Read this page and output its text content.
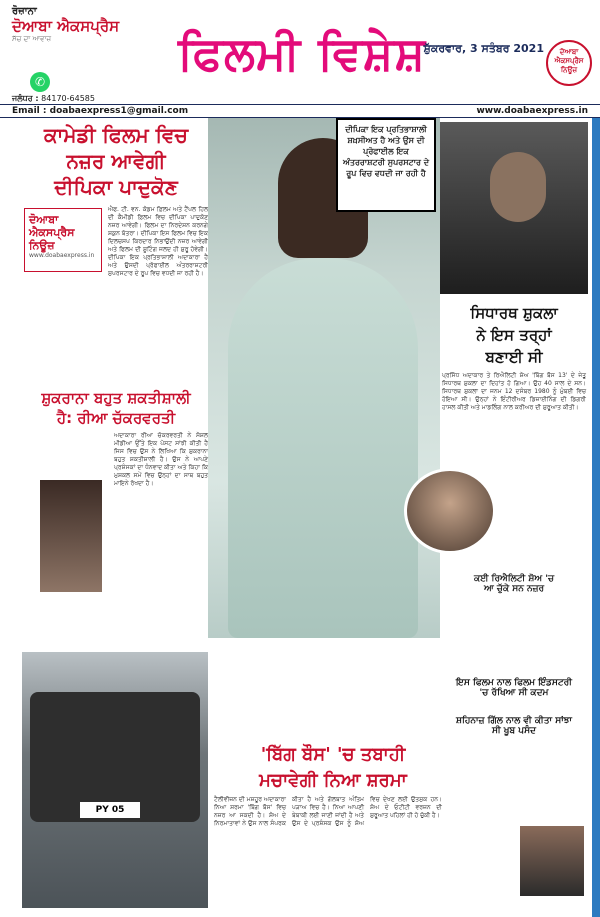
ਰੋਜ਼ਾਨਾ
ਦੋਆਬਾ ਐਕਸਪ੍ਰੈਸ
ਸੱਚ ਦਾ ਆਵਾਜ਼	ਫਿਲਮੀ ਵਿਸ਼ੇਸ਼
ਸ਼ੁੱਕਰਵਾਰ, 3 ਸਤੰਬਰ 2021	ਦੋਆਬਾ
ਐਕਸਪ੍ਰੈਸ
ਨਿਊਜ਼
✆
ਜਲੰਧਰ : 84170-64585
Email : doabaexpress1@gmail.com	www.doabaexpress.in
ਕਾਮੇਡੀ ਫਿਲਮ ਵਿਚ
ਨਜ਼ਰ ਆਵੇਗੀ
ਦੀਪਿਕਾ ਪਾਦੁਕੋਣ
ਦੋਆਬਾ
ਐਕਸਪ੍ਰੈਸ
ਨਿਊਜ਼
www.doabaexpress.in
ਐਫ. ਟੀ. ਵਨ. ਕੋਡਮ ਫ਼ਿਲਮ ਅਤੇ ਟੈਂਪਲ ਹਿਲ ਦੀ ਕੈਮੀਡੀ ਫ਼ਿਲਮ ਵਿਚ ਦੀਪਿਕਾ ਪਾਦੁਕੋਣ ਨਜ਼ਰ ਆਵੇਗੀ। ਫਿਲਮ ਦਾ ਨਿਰਦੇਸ਼ਨ ਕਰਨਗੇ ਸ਼ਕੁਨ ਬੱਤਰਾ। ਦੀਪਿਕਾ ਇਸ ਫਿਲਮ ਵਿਚ ਇਕ ਦਿਲਚਸਪ ਕਿਰਦਾਰ ਨਿਭਾਉਂਦੀ ਨਜ਼ਰ ਆਵੇਗੀ ਅਤੇ ਫਿਲਮ ਦੀ ਸ਼ੂਟਿੰਗ ਜਲਦ ਹੀ ਸ਼ੁਰੂ ਹੋਵੇਗੀ। ਦੀਪਿਕਾ ਇਕ ਪ੍ਰਤਿਭਾਸ਼ਾਲੀ ਅਦਾਕਾਰਾ ਹੈ ਅਤੇ ਉਸਦੀ ਪ੍ਰੋਫਾਈਲ ਅੰਤਰਰਾਸ਼ਟਰੀ ਸੁਪਰਸਟਾਰ ਦੇ ਰੂਪ ਵਿਚ ਵਧਦੀ ਜਾ ਰਹੀ ਹੈ।
ਦੀਪਿਕਾ ਇਕ ਪ੍ਰਤਿਭਾਸ਼ਾਲੀ ਸ਼ਖ਼ਸੀਅਤ ਹੈ ਅਤੇ ਉਸ ਦੀ ਪ੍ਰੋਫਾਈਲ ਇਕ ਅੰਤਰਰਾਸ਼ਟਰੀ ਸੁਪਰਸਟਾਰ ਦੇ ਰੂਪ ਵਿਚ ਵਧਦੀ ਜਾ ਰਹੀ ਹੈ
ਸ਼ੁਕਰਾਨਾ ਬਹੁਤ ਸ਼ਕਤੀਸ਼ਾਲੀ
ਹੈ: ਰੀਆ ਚੱਕਰਵਰਤੀ
ਅਦਾਕਾਰਾ ਰੀਆ ਚੱਕਰਵਰਤੀ ਨੇ ਸੋਸ਼ਲ ਮੀਡੀਆ ਉੱਤੇ ਇਕ ਪੋਸਟ ਸਾਂਝੀ ਕੀਤੀ ਹੈ ਜਿਸ ਵਿਚ ਉਸ ਨੇ ਲਿਖਿਆ ਕਿ ਸ਼ੁਕਰਾਨਾ ਬਹੁਤ ਸ਼ਕਤੀਸ਼ਾਲੀ ਹੈ। ਉਸ ਨੇ ਆਪਣੇ ਪ੍ਰਸ਼ੰਸਕਾਂ ਦਾ ਧੰਨਵਾਦ ਕੀਤਾ ਅਤੇ ਕਿਹਾ ਕਿ ਮੁਸ਼ਕਲ ਸਮੇਂ ਵਿਚ ਉਨ੍ਹਾਂ ਦਾ ਸਾਥ ਬਹੁਤ ਮਾਇਨੇ ਰੱਖਦਾ ਹੈ।
PY 05
'ਬਿੱਗ ਬੌਸ' 'ਚ ਤਬਾਹੀ
ਮਚਾਵੇਗੀ ਨਿਆ ਸ਼ਰਮਾ
ਟੈਲੀਵੀਜ਼ਨ ਦੀ ਮਸ਼ਹੂਰ ਅਦਾਕਾਰਾ ਨਿਆ ਸ਼ਰਮਾ 'ਬਿੱਗ ਬੌਸ' ਵਿਚ ਨਜ਼ਰ ਆ ਸਕਦੀ ਹੈ। ਸ਼ੋਅ ਦੇ ਨਿਰਮਾਤਾਵਾਂ ਨੇ ਉਸ ਨਾਲ ਸੰਪਰਕ ਕੀਤਾ ਹੈ ਅਤੇ ਗੱਲਬਾਤ ਅੰਤਿਮ ਪੜਾਅ ਵਿਚ ਹੈ। ਨਿਆ ਆਪਣੀ ਬੇਬਾਕੀ ਲਈ ਜਾਣੀ ਜਾਂਦੀ ਹੈ ਅਤੇ ਉਸ ਦੇ ਪ੍ਰਸ਼ੰਸਕ ਉਸ ਨੂੰ ਸ਼ੋਅ ਵਿਚ ਦੇਖਣ ਲਈ ਉਤਸੁਕ ਹਨ। ਸ਼ੋਅ ਦੇ ਓਟੀਟੀ ਵਰਜ਼ਨ ਦੀ ਸ਼ੁਰੂਆਤ ਪਹਿਲਾਂ ਹੀ ਹੋ ਚੁੱਕੀ ਹੈ।
ਸਿਧਾਰਥ ਸ਼ੁਕਲਾ
ਨੇ ਇਸ ਤਰ੍ਹਾਂ
ਬਣਾਈ ਸੀ
ਪ੍ਰਸਿੱਧ ਅਦਾਕਾਰ ਤੇ ਰਿਐਲਿਟੀ ਸ਼ੋਅ 'ਬਿੱਗ ਬੌਸ 13' ਦੇ ਜੇਤੂ ਸਿਧਾਰਥ ਸ਼ੁਕਲਾ ਦਾ ਦਿਹਾਂਤ ਹੋ ਗਿਆ। ਉਹ 40 ਸਾਲ ਦੇ ਸਨ। ਸਿਧਾਰਥ ਸ਼ੁਕਲਾ ਦਾ ਜਨਮ 12 ਦਸੰਬਰ 1980 ਨੂੰ ਮੁੰਬਈ ਵਿਚ ਹੋਇਆ ਸੀ। ਉਨ੍ਹਾਂ ਨੇ ਇੰਟੀਰੀਅਰ ਡਿਜ਼ਾਈਨਿੰਗ ਦੀ ਡਿਗਰੀ ਹਾਸਲ ਕੀਤੀ ਅਤੇ ਮਾਡਲਿੰਗ ਨਾਲ ਕਰੀਅਰ ਦੀ ਸ਼ੁਰੂਆਤ ਕੀਤੀ।
ਕਈ ਰਿਐਲਿਟੀ ਸ਼ੋਅ 'ਚ
ਆ ਚੁੱਕੇ ਸਨ ਨਜ਼ਰ
ਇਸ ਫਿਲਮ ਨਾਲ ਫਿਲਮ ਇੰਡਸਟਰੀ
'ਚ ਰੱਖਿਆ ਸੀ ਕਦਮ
ਸ਼ਹਿਨਾਜ਼ ਗਿੱਲ ਨਾਲ ਵੀ ਕੀਤਾ ਸਾਂਝਾ
ਸੀ ਖੂਬ ਪਸੰਦ
